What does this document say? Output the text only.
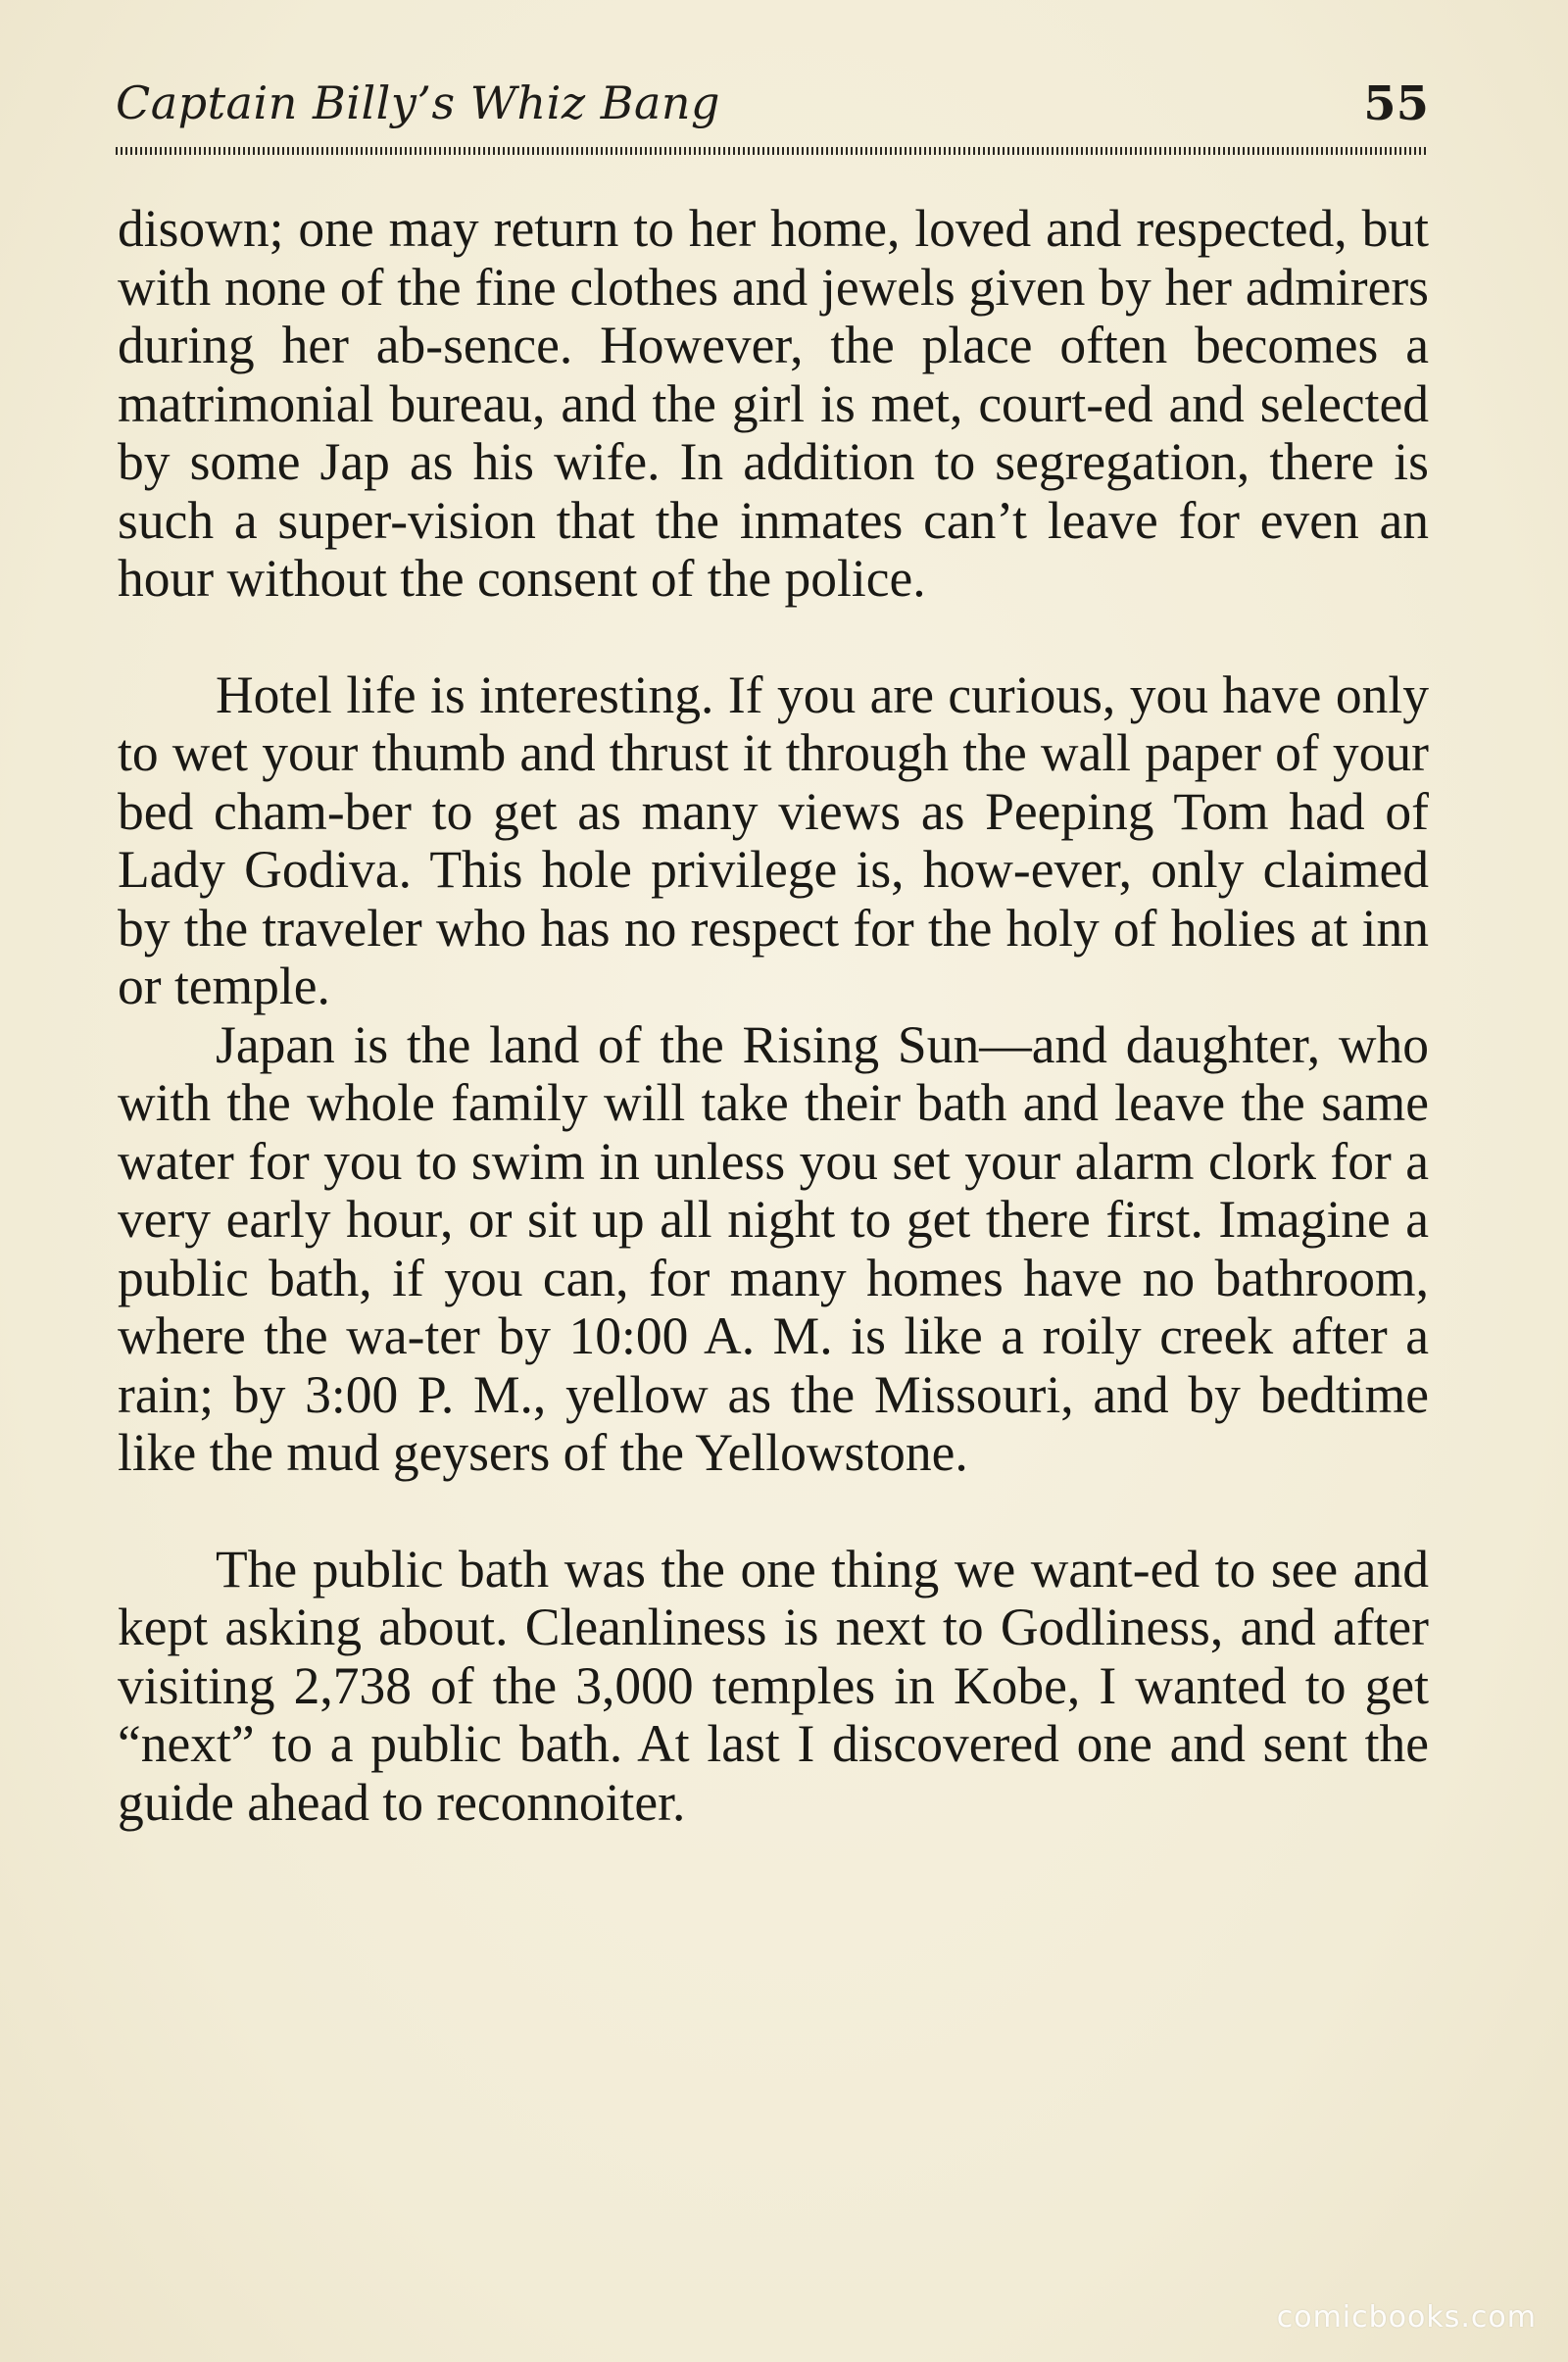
Captain Billy’s Whiz Bang	55

disown; one may return to her home, loved and respected, but with none of the fine clothes and jewels given by her admirers during her ab-sence. However, the place often becomes a matrimonial bureau, and the girl is met, court-ed and selected by some Jap as his wife. In addition to segregation, there is such a super-vision that the inmates can’t leave for even an hour without the consent of the police.

Hotel life is interesting. If you are curious, you have only to wet your thumb and thrust it through the wall paper of your bed cham-ber to get as many views as Peeping Tom had of Lady Godiva. This hole privilege is, how-ever, only claimed by the traveler who has no respect for the holy of holies at inn or temple.

Japan is the land of the Rising Sun—and daughter, who with the whole family will take their bath and leave the same water for you to swim in unless you set your alarm clork for a very early hour, or sit up all night to get there first. Imagine a public bath, if you can, for many homes have no bathroom, where the wa-ter by 10:00 A. M. is like a roily creek after a rain; by 3:00 P. M., yellow as the Missouri, and by bedtime like the mud geysers of the Yellowstone.

The public bath was the one thing we want-ed to see and kept asking about. Cleanliness is next to Godliness, and after visiting 2,738 of the 3,000 temples in Kobe, I wanted to get “next” to a public bath. At last I discovered one and sent the guide ahead to reconnoiter.

comicbooks.com
